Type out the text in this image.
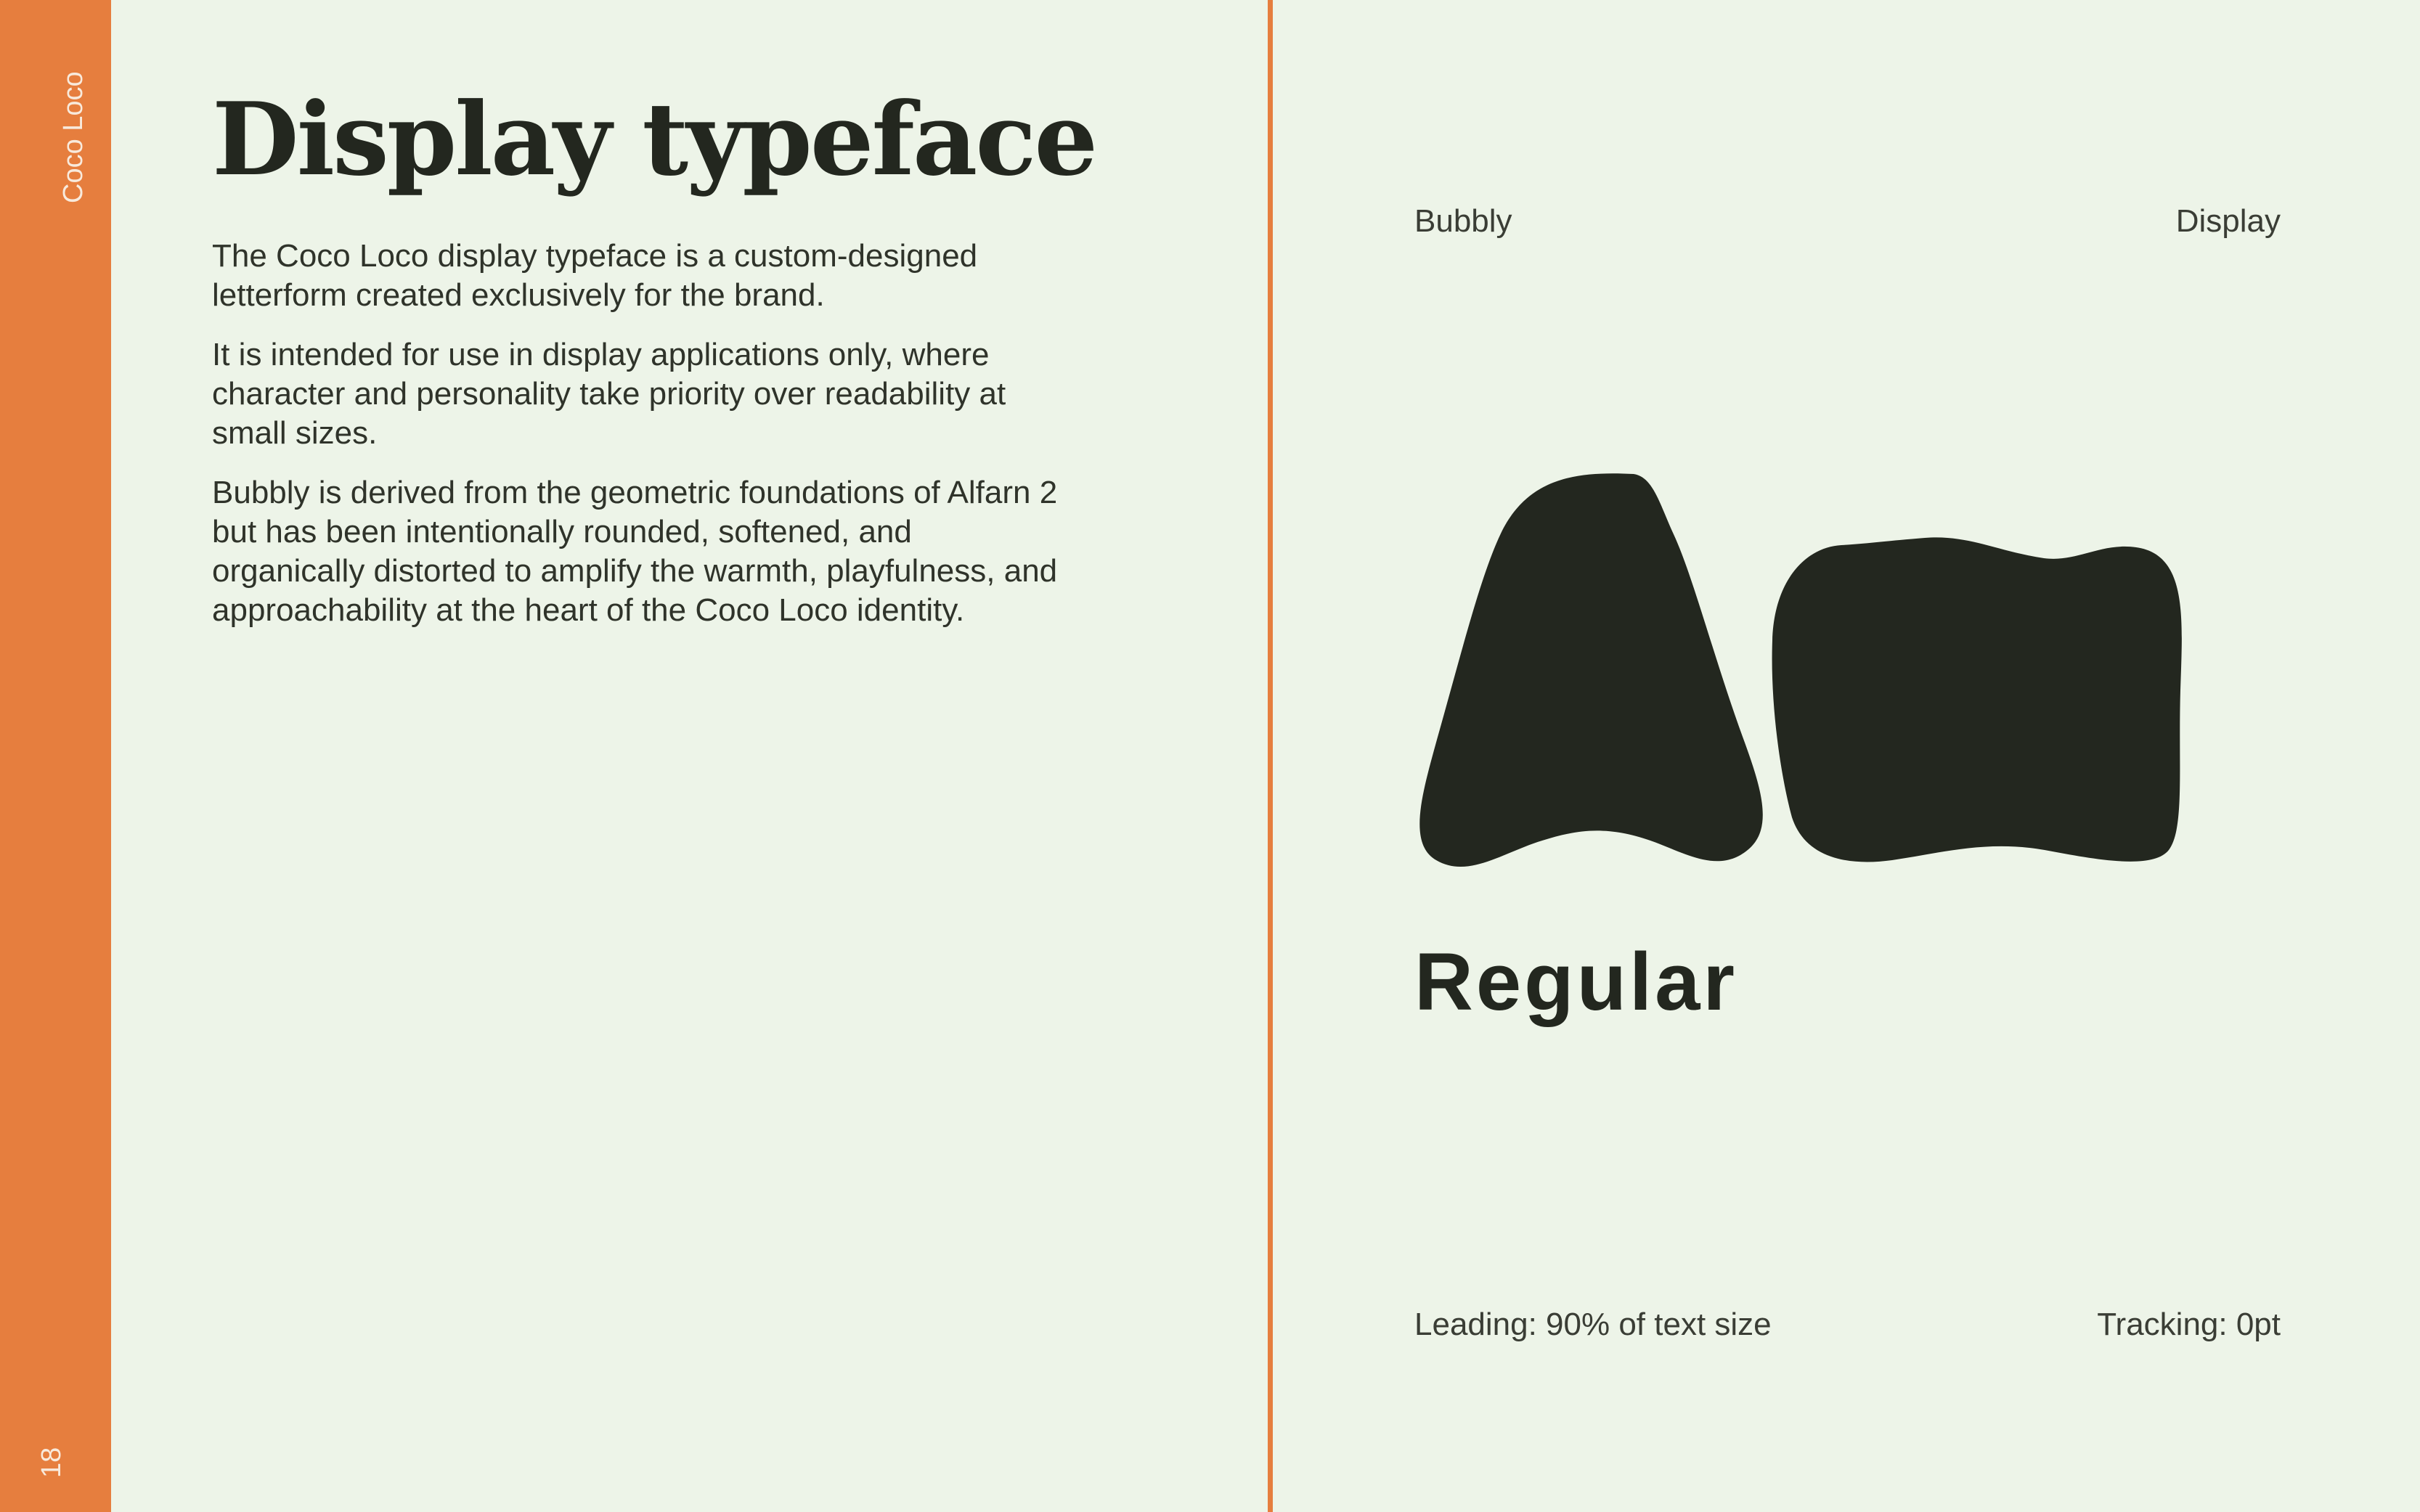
Coco Loco
18
Display typeface

The Coco Loco display typeface is a custom-designed letterform created exclusively for the brand.

It is intended for use in display applications only, where character and personality take priority over readability at small sizes.

Bubbly is derived from the geometric foundations of Alfarn 2 but has been intentionally rounded, softened, and organically distorted to amplify the warmth, playfulness, and approachability at the heart of the Coco Loco identity.

Bubbly	Display
Regular
Leading: 90% of text size	Tracking: 0pt
